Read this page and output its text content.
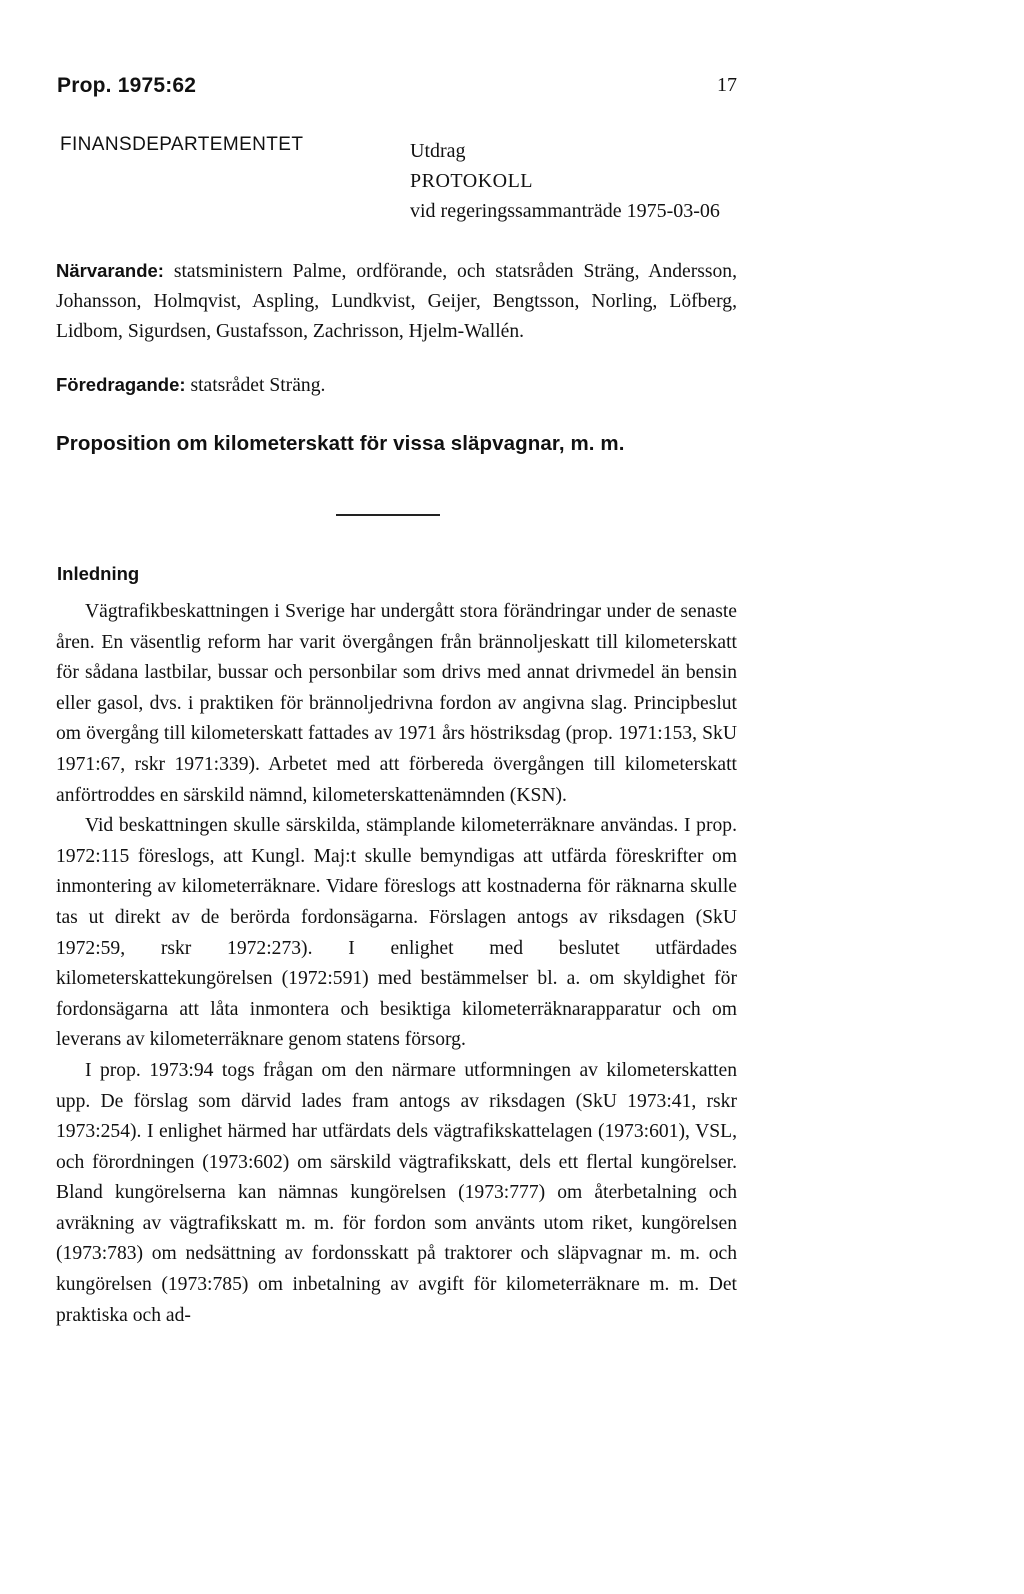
Prop. 1975:62	17
FINANSDEPARTEMENTET	Utdrag
PROTOKOLL
vid regeringssammanträde 1975-03-06
Närvarande: statsministern Palme, ordförande, och statsråden Sträng, Andersson, Johansson, Holmqvist, Aspling, Lundkvist, Geijer, Bengtsson, Norling, Löfberg, Lidbom, Sigurdsen, Gustafsson, Zachrisson, Hjelm-Wallén.
Föredragande: statsrådet Sträng.
Proposition om kilometerskatt för vissa släpvagnar, m. m.
Inledning

Vägtrafikbeskattningen i Sverige har undergått stora förändringar under de senaste åren. En väsentlig reform har varit övergången från brännoljeskatt till kilometerskatt för sådana lastbilar, bussar och personbilar som drivs med annat drivmedel än bensin eller gasol, dvs. i praktiken för brännoljedrivna fordon av angivna slag. Principbeslut om övergång till kilometerskatt fattades av 1971 års höstriksdag (prop. 1971:153, SkU 1971:67, rskr 1971:339). Arbetet med att förbereda övergången till kilometerskatt anförtroddes en särskild nämnd, kilometerskattenämnden (KSN).

Vid beskattningen skulle särskilda, stämplande kilometerräknare användas. I prop. 1972:115 föreslogs, att Kungl. Maj:t skulle bemyndigas att utfärda föreskrifter om inmontering av kilometerräknare. Vidare föreslogs att kostnaderna för räknarna skulle tas ut direkt av de berörda fordonsägarna. Förslagen antogs av riksdagen (SkU 1972:59, rskr 1972:273). I enlighet med beslutet utfärdades kilometerskattekungörelsen (1972:591) med bestämmelser bl. a. om skyldighet för fordonsägarna att låta inmontera och besiktiga kilometerräknarapparatur och om leverans av kilometerräknare genom statens försorg.

I prop. 1973:94 togs frågan om den närmare utformningen av kilometerskatten upp. De förslag som därvid lades fram antogs av riksdagen (SkU 1973:41, rskr 1973:254). I enlighet härmed har utfärdats dels vägtrafikskattelagen (1973:601), VSL, och förordningen (1973:602) om särskild vägtrafikskatt, dels ett flertal kungörelser. Bland kungörelserna kan nämnas kungörelsen (1973:777) om återbetalning och avräkning av vägtrafikskatt m. m. för fordon som använts utom riket, kungörelsen (1973:783) om nedsättning av fordonsskatt på traktorer och släpvagnar m. m. och kungörelsen (1973:785) om inbetalning av avgift för kilometerräknare m. m. Det praktiska och ad-
